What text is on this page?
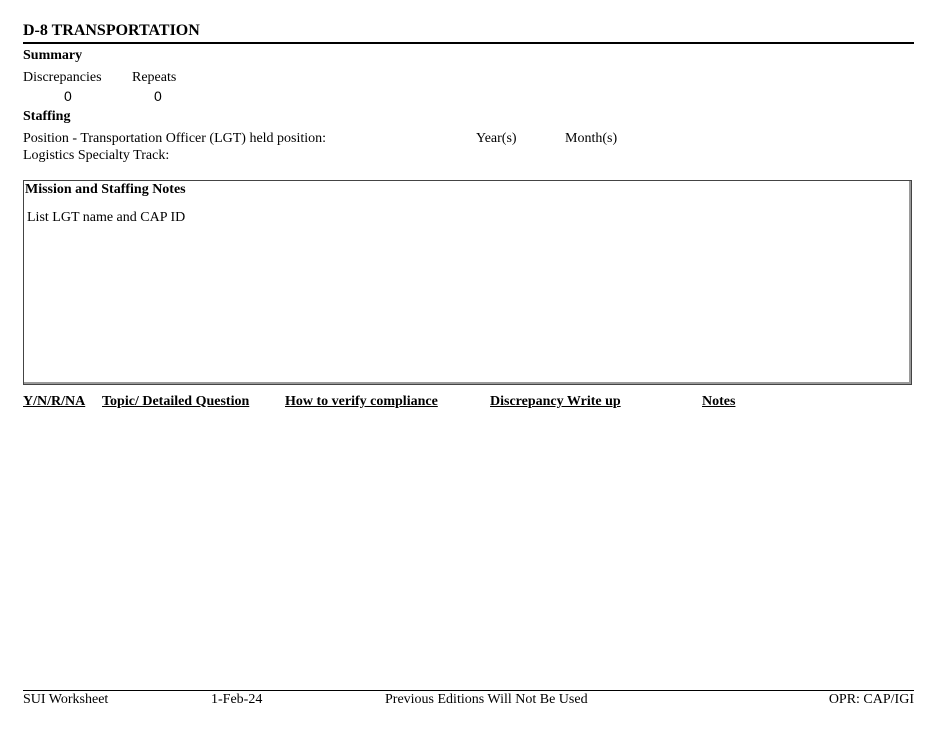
D-8 TRANSPORTATION
Summary
Discrepancies Repeats
0	0
Staffing
Position - Transportation Officer (LGT) held position:	Year(s)	Month(s)
Logistics Specialty Track:
Mission and Staffing Notes
List LGT name and CAP ID
Y/N/R/NA Topic/ Detailed Question	How to verify compliance	Discrepancy Write up	Notes
SUI Worksheet	1-Feb-24	Previous Editions Will Not Be Used	OPR: CAP/IGI
